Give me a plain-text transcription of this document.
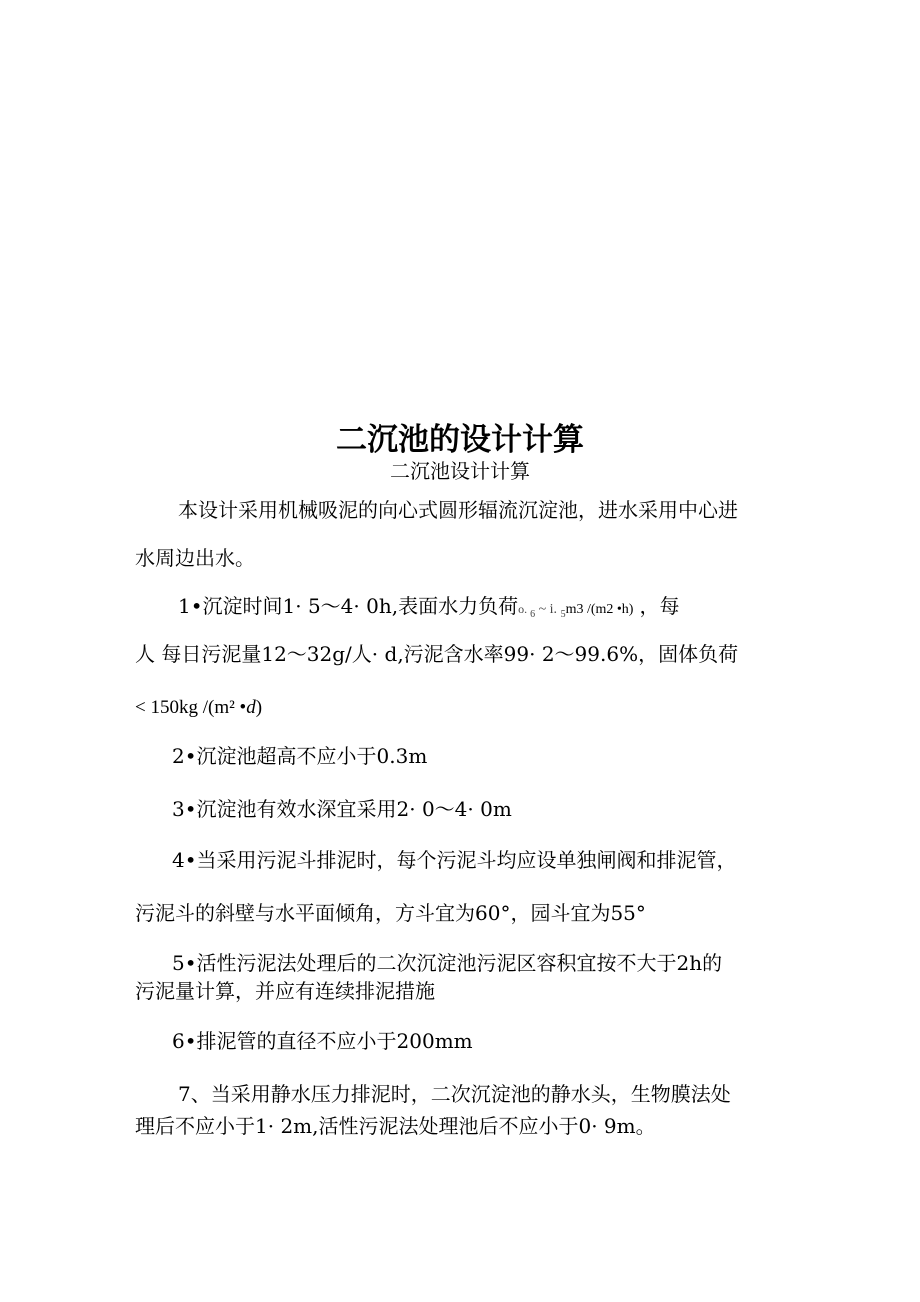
二沉池的设计计算
二沉池设计计算
本设计采用机械吸泥的向心式圆形辐流沉淀池，进水采用中心进
水周边出水。
1•沉淀时间1· 5〜4· 0h,表面水力负荷o. $_6$ ~ i. $_5$m3 /(m2 •h) ，每
人 每日污泥量12〜32g/人· d,污泥含水率99· 2〜99.6%，固体负荷
< 150kg /(m² •d)
2•沉淀池超高不应小于0.3m
3•沉淀池有效水深宜采用2· 0〜4· 0m
4•当采用污泥斗排泥时，每个污泥斗均应设单独闸阀和排泥管，
污泥斗的斜壁与水平面倾角，方斗宜为60°，园斗宜为55°
5•活性污泥法处理后的二次沉淀池污泥区容积宜按不大于2h的
污泥量计算，并应有连续排泥措施
6•排泥管的直径不应小于200mm
7、当采用静水压力排泥时，二次沉淀池的静水头，生物膜法处
理后不应小于1· 2m,活性污泥法处理池后不应小于0· 9m。
